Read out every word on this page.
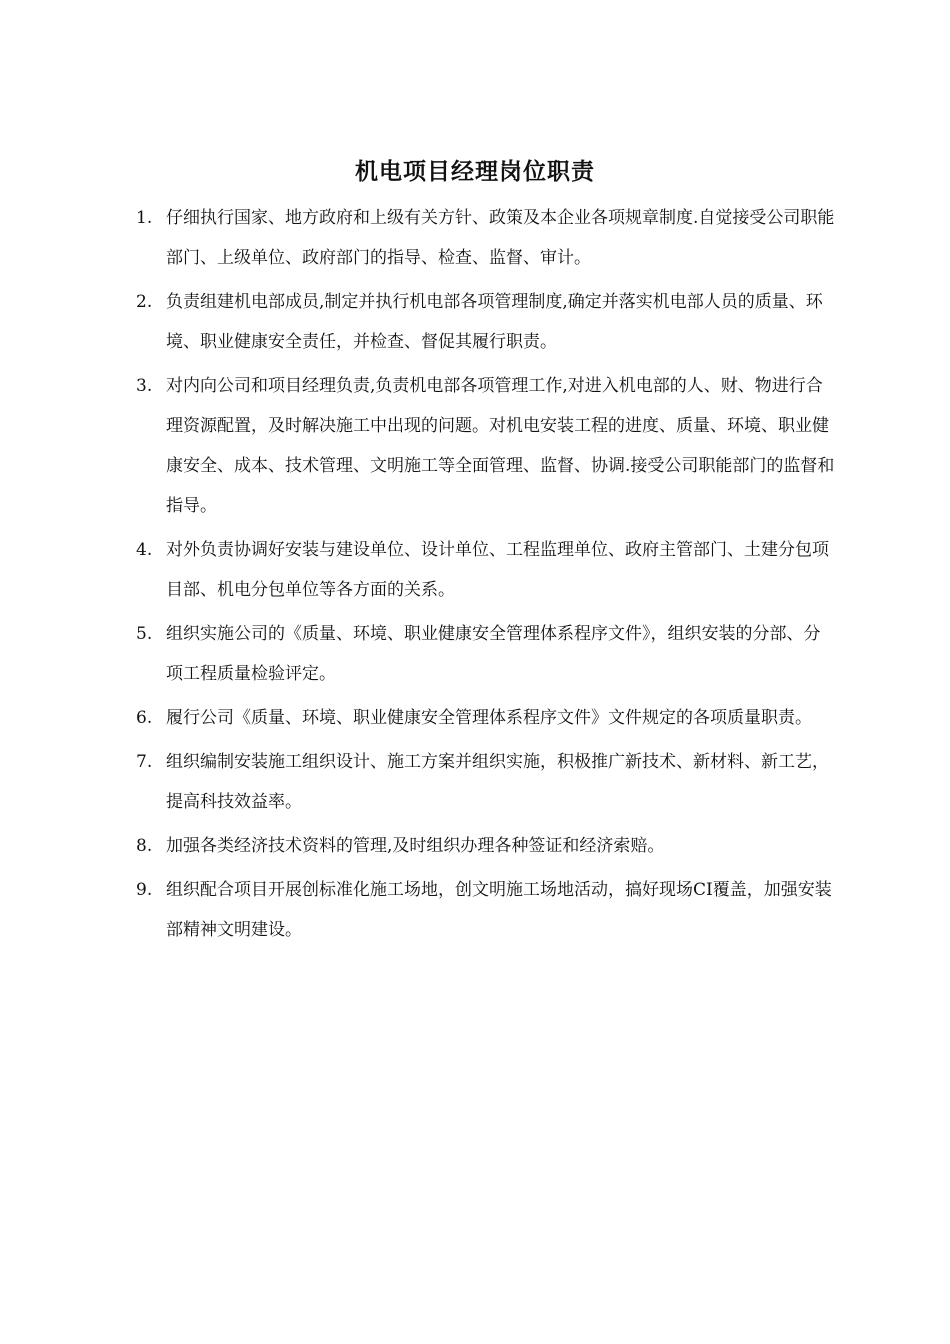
机电项目经理岗位职责
1. 仔细执行国家、地方政府和上级有关方针、政策及本企业各项规章制度.自觉接受公司职能部门、上级单位、政府部门的指导、检查、监督、审计。
2. 负责组建机电部成员,制定并执行机电部各项管理制度,确定并落实机电部人员的质量、环境、职业健康安全责任，并检查、督促其履行职责。
3. 对内向公司和项目经理负责,负责机电部各项管理工作,对进入机电部的人、财、物进行合理资源配置，及时解决施工中出现的问题。对机电安装工程的进度、质量、环境、职业健康安全、成本、技术管理、文明施工等全面管理、监督、协调.接受公司职能部门的监督和指导。
4. 对外负责协调好安装与建设单位、设计单位、工程监理单位、政府主管部门、土建分包项目部、机电分包单位等各方面的关系。
5. 组织实施公司的《质量、环境、职业健康安全管理体系程序文件》，组织安装的分部、分项工程质量检验评定。
6. 履行公司《质量、环境、职业健康安全管理体系程序文件》文件规定的各项质量职责。
7. 组织编制安装施工组织设计、施工方案并组织实施，积极推广新技术、新材料、新工艺，提高科技效益率。
8. 加强各类经济技术资料的管理,及时组织办理各种签证和经济索赔。
9. 组织配合项目开展创标准化施工场地，创文明施工场地活动，搞好现场CI覆盖，加强安装部精神文明建设。
